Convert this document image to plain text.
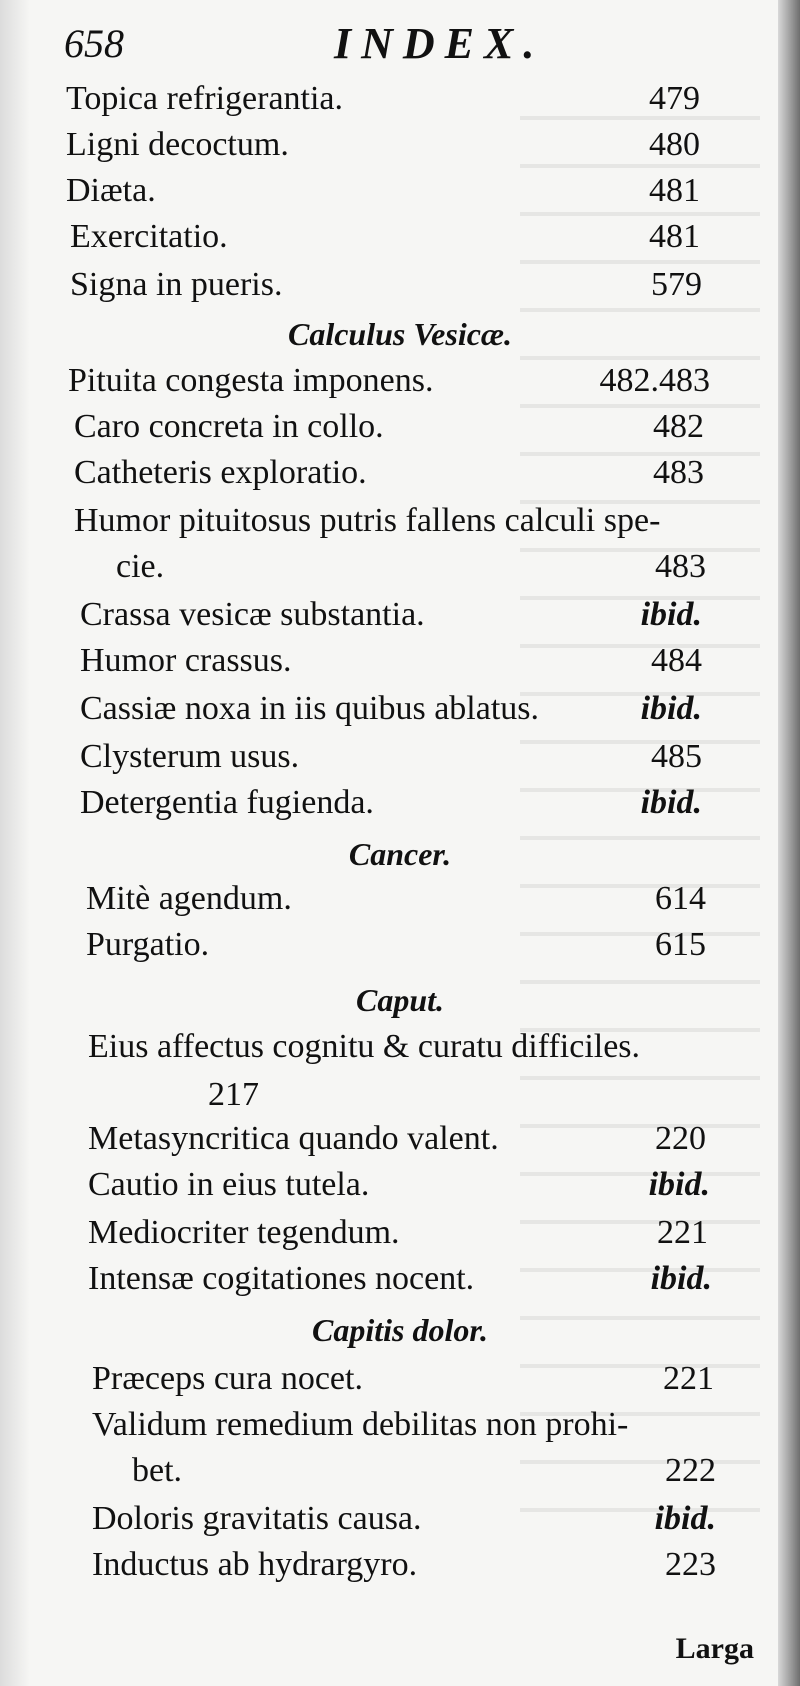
658	INDEX.
Topica refrigerantia.	479
Ligni decoctum.	480
Diæta.	481
Exercitatio.	481
Signa in pueris.	579
Calculus Vesicæ.
Pituita congesta imponens.	482.483
Caro concreta in collo.	482
Catheteris exploratio.	483
Humor pituitosus putris fallens calculi spe-
cie.	483
Crassa vesicæ substantia.	ibid.
Humor crassus.	484
Cassiæ noxa in iis quibus ablatus.	ibid.
Clysterum usus.	485
Detergentia fugienda.	ibid.
Cancer.
Mitè agendum.	614
Purgatio.	615
Caput.
Eius affectus cognitu & curatu difficiles.
217
Metasyncritica quando valent.	220
Cautio in eius tutela.	ibid.
Mediocriter tegendum.	221
Intensæ cogitationes nocent.	ibid.
Capitis dolor.
Præceps cura nocet.	221
Validum remedium debilitas non prohi-
bet.	222
Doloris gravitatis causa.	ibid.
Inductus ab hydrargyro.	223
Larga
